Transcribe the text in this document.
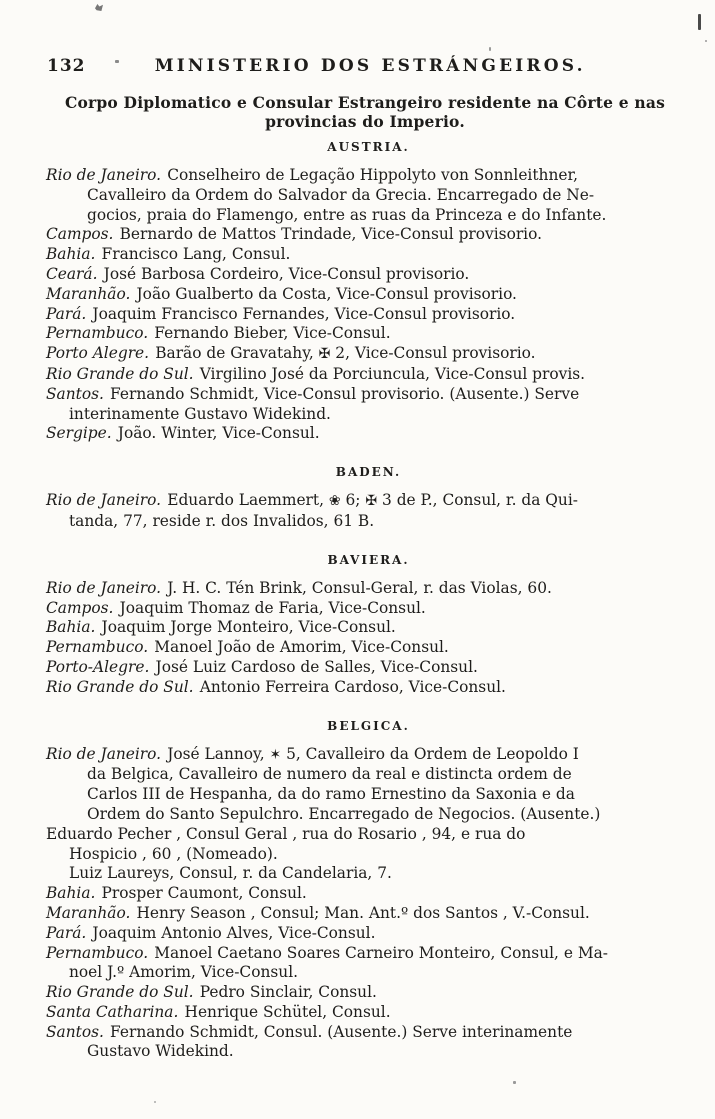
132	MINISTERIO DOS ESTRÁNGEIROS.
Corpo Diplomatico e Consular Estrangeiro residente na Côrte e nas
provincias do Imperio.
AUSTRIA.
Rio de Janeiro. Conselheiro de Legação Hippolyto von Sonnleithner,
Cavalleiro da Ordem do Salvador da Grecia. Encarregado de Ne-
gocios, praia do Flamengo, entre as ruas da Princeza e do Infante.
Campos. Bernardo de Mattos Trindade, Vice-Consul provisorio.
Bahia. Francisco Lang, Consul.
Ceará. José Barbosa Cordeiro, Vice-Consul provisorio.
Maranhão. João Gualberto da Costa, Vice-Consul provisorio.
Pará. Joaquim Francisco Fernandes, Vice-Consul provisorio.
Pernambuco. Fernando Bieber, Vice-Consul.
Porto Alegre. Barão de Gravatahy, ✠ 2, Vice-Consul provisorio.
Rio Grande do Sul. Virgilino José da Porciuncula, Vice-Consul provis.
Santos. Fernando Schmidt, Vice-Consul provisorio. (Ausente.) Serve
interinamente Gustavo Widekind.
Sergipe. João. Winter, Vice-Consul.
BADEN.
Rio de Janeiro. Eduardo Laemmert, ❀ 6; ✠ 3 de P., Consul, r. da Qui-
tanda, 77, reside r. dos Invalidos, 61 B.
BAVIERA.
Rio de Janeiro. J. H. C. Tén Brink, Consul-Geral, r. das Violas, 60.
Campos. Joaquim Thomaz de Faria, Vice-Consul.
Bahia. Joaquim Jorge Monteiro, Vice-Consul.
Pernambuco. Manoel João de Amorim, Vice-Consul.
Porto-Alegre. José Luiz Cardoso de Salles, Vice-Consul.
Rio Grande do Sul. Antonio Ferreira Cardoso, Vice-Consul.
BELGICA.
Rio de Janeiro. José Lannoy, ✶ 5, Cavalleiro da Ordem de Leopoldo I
da Belgica, Cavalleiro de numero da real e distincta ordem de
Carlos III de Hespanha, da do ramo Ernestino da Saxonia e da
Ordem do Santo Sepulchro. Encarregado de Negocios. (Ausente.)
Eduardo Pecher , Consul Geral , rua do Rosario , 94, e rua do
Hospicio , 60 , (Nomeado).
Luiz Laureys, Consul, r. da Candelaria, 7.
Bahia. Prosper Caumont, Consul.
Maranhão. Henry Season , Consul; Man. Ant.º dos Santos , V.-Consul.
Pará. Joaquim Antonio Alves, Vice-Consul.
Pernambuco. Manoel Caetano Soares Carneiro Monteiro, Consul, e Ma-
noel J.º Amorim, Vice-Consul.
Rio Grande do Sul. Pedro Sinclair, Consul.
Santa Catharina. Henrique Schütel, Consul.
Santos. Fernando Schmidt, Consul. (Ausente.) Serve interinamente
Gustavo Widekind.
